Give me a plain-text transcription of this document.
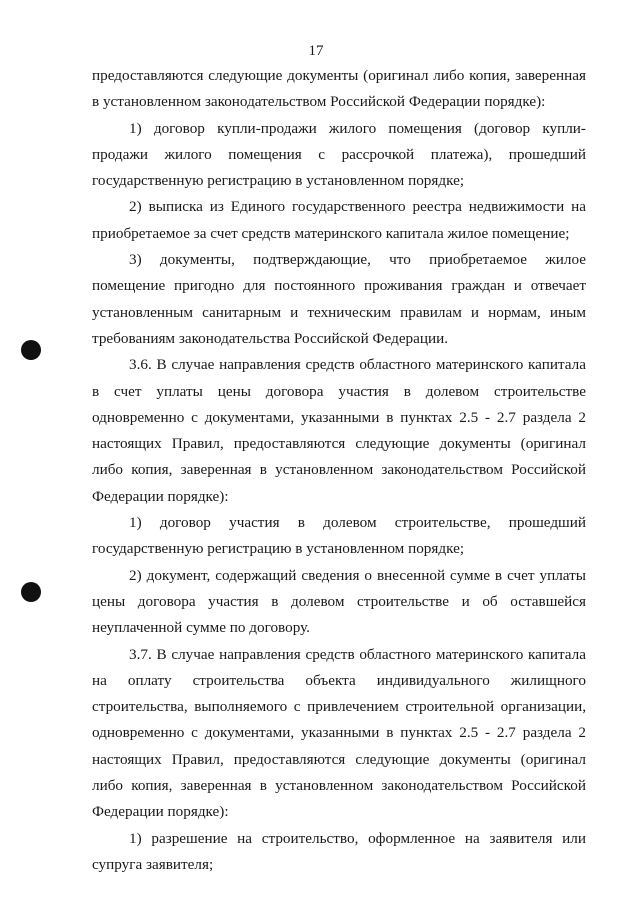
17

предоставляются следующие документы (оригинал либо копия, заверенная в установленном законодательством Российской Федерации порядке):

1) договор купли-продажи жилого помещения (договор купли-продажи жилого помещения с рассрочкой платежа), прошедший государственную регистрацию в установленном порядке;

2) выписка из Единого государственного реестра недвижимости на приобретаемое за счет средств материнского капитала жилое помещение;

3) документы, подтверждающие, что приобретаемое жилое помещение пригодно для постоянного проживания граждан и отвечает установленным санитарным и техническим правилам и нормам, иным требованиям законодательства Российской Федерации.

3.6. В случае направления средств областного материнского капитала в счет уплаты цены договора участия в долевом строительстве одновременно с документами, указанными в пунктах 2.5 - 2.7 раздела 2 настоящих Правил, предоставляются следующие документы (оригинал либо копия, заверенная в установленном законодательством Российской Федерации порядке):

1) договор участия в долевом строительстве, прошедший государственную регистрацию в установленном порядке;

2) документ, содержащий сведения о внесенной сумме в счет уплаты цены договора участия в долевом строительстве и об оставшейся неуплаченной сумме по договору.

3.7. В случае направления средств областного материнского капитала на оплату строительства объекта индивидуального жилищного строительства, выполняемого с привлечением строительной организации, одновременно с документами, указанными в пунктах 2.5 - 2.7 раздела 2 настоящих Правил, предоставляются следующие документы (оригинал либо копия, заверенная в установленном законодательством Российской Федерации порядке):

1) разрешение на строительство, оформленное на заявителя или супруга заявителя;
